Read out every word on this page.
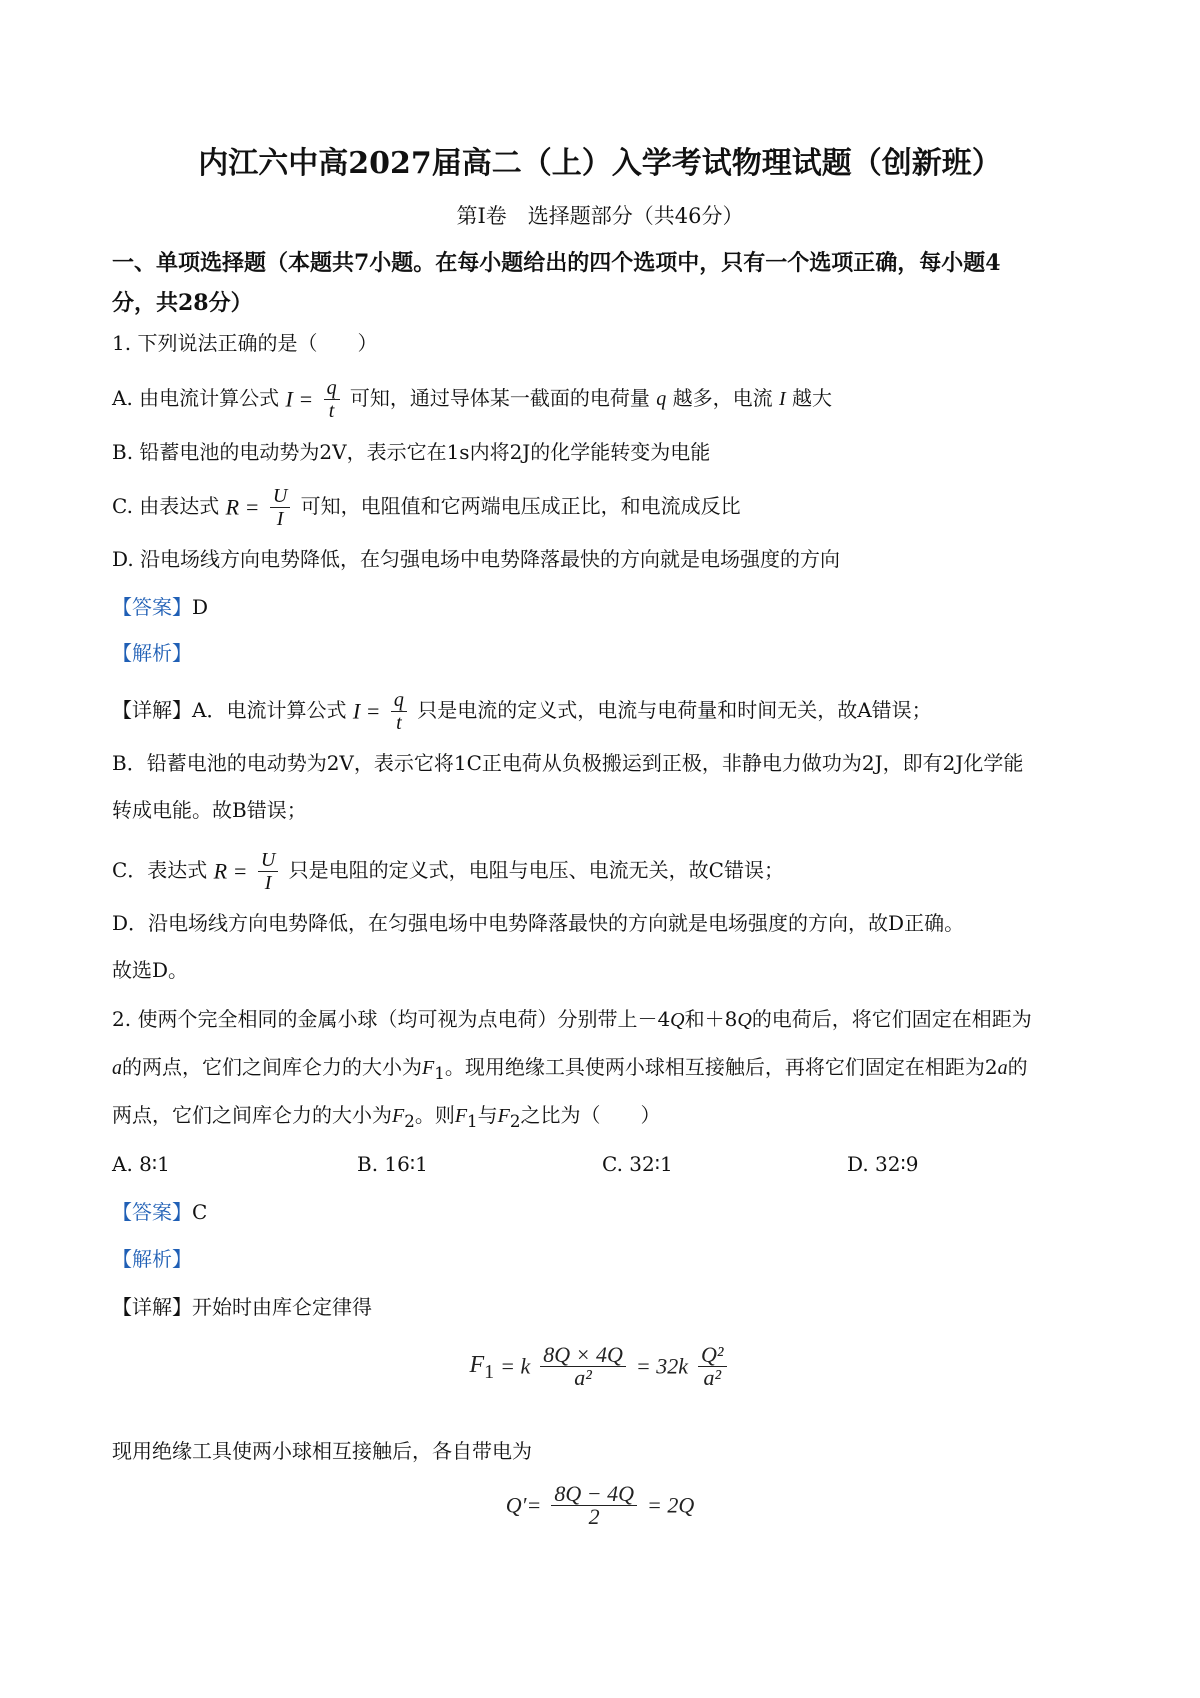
内江六中高2027届高二（上）入学考试物理试题（创新班）
第Ⅰ卷　选择题部分（共46分）
一、单项选择题（本题共7小题。在每小题给出的四个选项中，只有一个选项正确，每小题4
分，共28分）
1. 下列说法正确的是（　　）
A. 由电流计算公式 $I = \frac{q}{t}$ 可知，通过导体某一截面的电荷量 q 越多，电流 I 越大
B. 铅蓄电池的电动势为2V，表示它在1s内将2J的化学能转变为电能
C. 由表达式 $R = \frac{U}{I}$ 可知，电阻值和它两端电压成正比，和电流成反比
D. 沿电场线方向电势降低，在匀强电场中电势降落最快的方向就是电场强度的方向
【答案】D
【解析】
【详解】A．电流计算公式 $I = \frac{q}{t}$ 只是电流的定义式，电流与电荷量和时间无关，故A错误；
B．铅蓄电池的电动势为2V，表示它将1C正电荷从负极搬运到正极，非静电力做功为2J，即有2J化学能
转成电能。故B错误；
C．表达式 $R = \frac{U}{I}$ 只是电阻的定义式，电阻与电压、电流无关，故C错误；
D．沿电场线方向电势降低，在匀强电场中电势降落最快的方向就是电场强度的方向，故D正确。
故选D。
2. 使两个完全相同的金属小球（均可视为点电荷）分别带上－4Q和＋8Q的电荷后，将它们固定在相距为
a的两点，它们之间库仑力的大小为$F_1$。现用绝缘工具使两小球相互接触后，再将它们固定在相距为2a的
两点，它们之间库仑力的大小为$F_2$。则$F_1$与$F_2$之比为（　　）
A. 8∶1	B. 16∶1	C. 32∶1	D. 32∶9
【答案】C
【解析】
【详解】开始时由库仑定律得
$F_1 = k \frac{8Q \times 4Q}{\text{a²}} = 32k \frac{\text{Q²}}{\text{a²}}$
现用绝缘工具使两小球相互接触后，各自带电为
$Q'= \frac{8Q - 4Q}{2} = 2Q$
